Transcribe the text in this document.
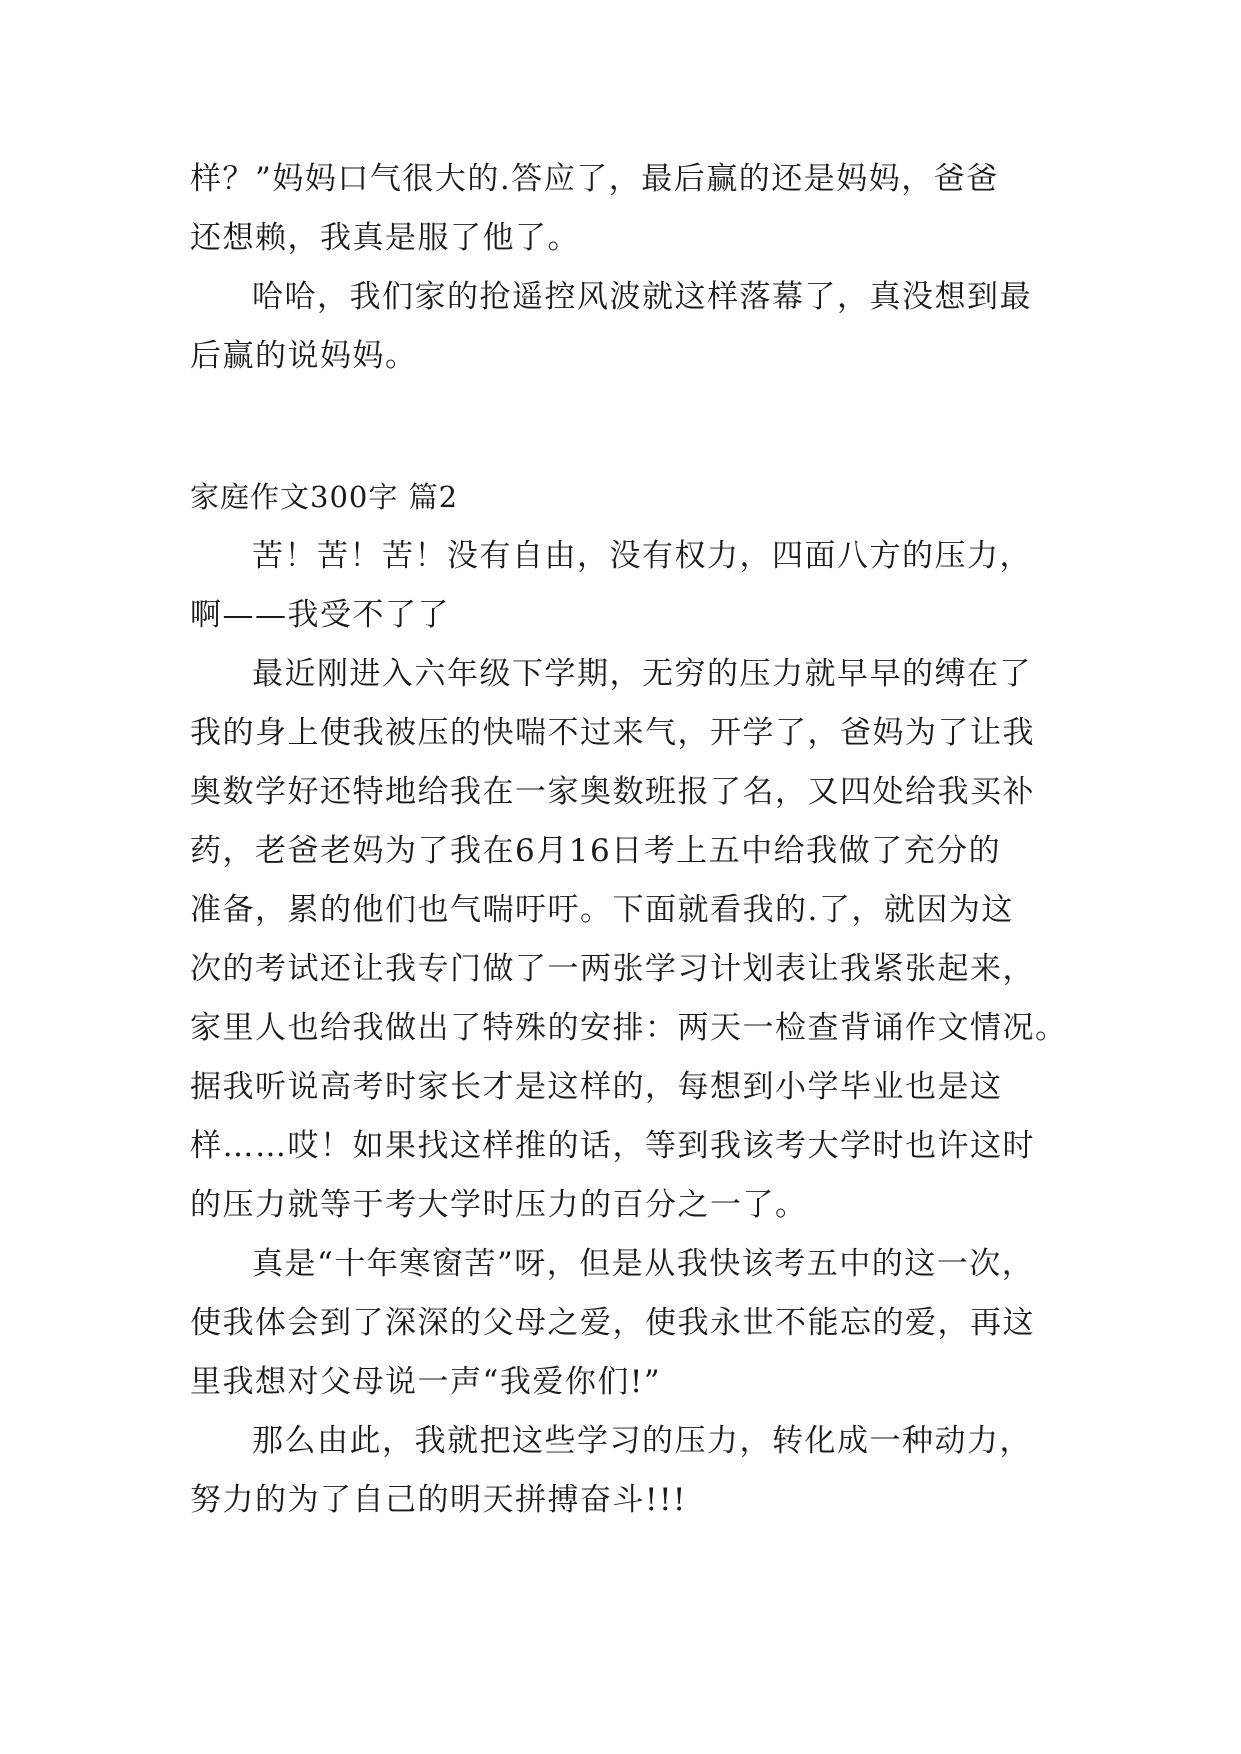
样？”妈妈口气很大的.答应了，最后赢的还是妈妈，爸爸
还想赖，我真是服了他了。
哈哈，我们家的抢遥控风波就这样落幕了，真没想到最
后赢的说妈妈。
家庭作文300字 篇2
苦！苦！苦！没有自由，没有权力，四面八方的压力，
啊——我受不了了
最近刚进入六年级下学期，无穷的压力就早早的缚在了
我的身上使我被压的快喘不过来气，开学了，爸妈为了让我
奥数学好还特地给我在一家奥数班报了名，又四处给我买补
药，老爸老妈为了我在6月16日考上五中给我做了充分的
准备，累的他们也气喘吁吁。下面就看我的.了，就因为这
次的考试还让我专门做了一两张学习计划表让我紧张起来，
家里人也给我做出了特殊的安排：两天一检查背诵作文情况。
据我听说高考时家长才是这样的，每想到小学毕业也是这
样……哎！如果找这样推的话，等到我该考大学时也许这时
的压力就等于考大学时压力的百分之一了。
真是“十年寒窗苦”呀，但是从我快该考五中的这一次，
使我体会到了深深的父母之爱，使我永世不能忘的爱，再这
里我想对父母说一声“我爱你们!”
那么由此，我就把这些学习的压力，转化成一种动力，
努力的为了自己的明天拼搏奋斗!!!
